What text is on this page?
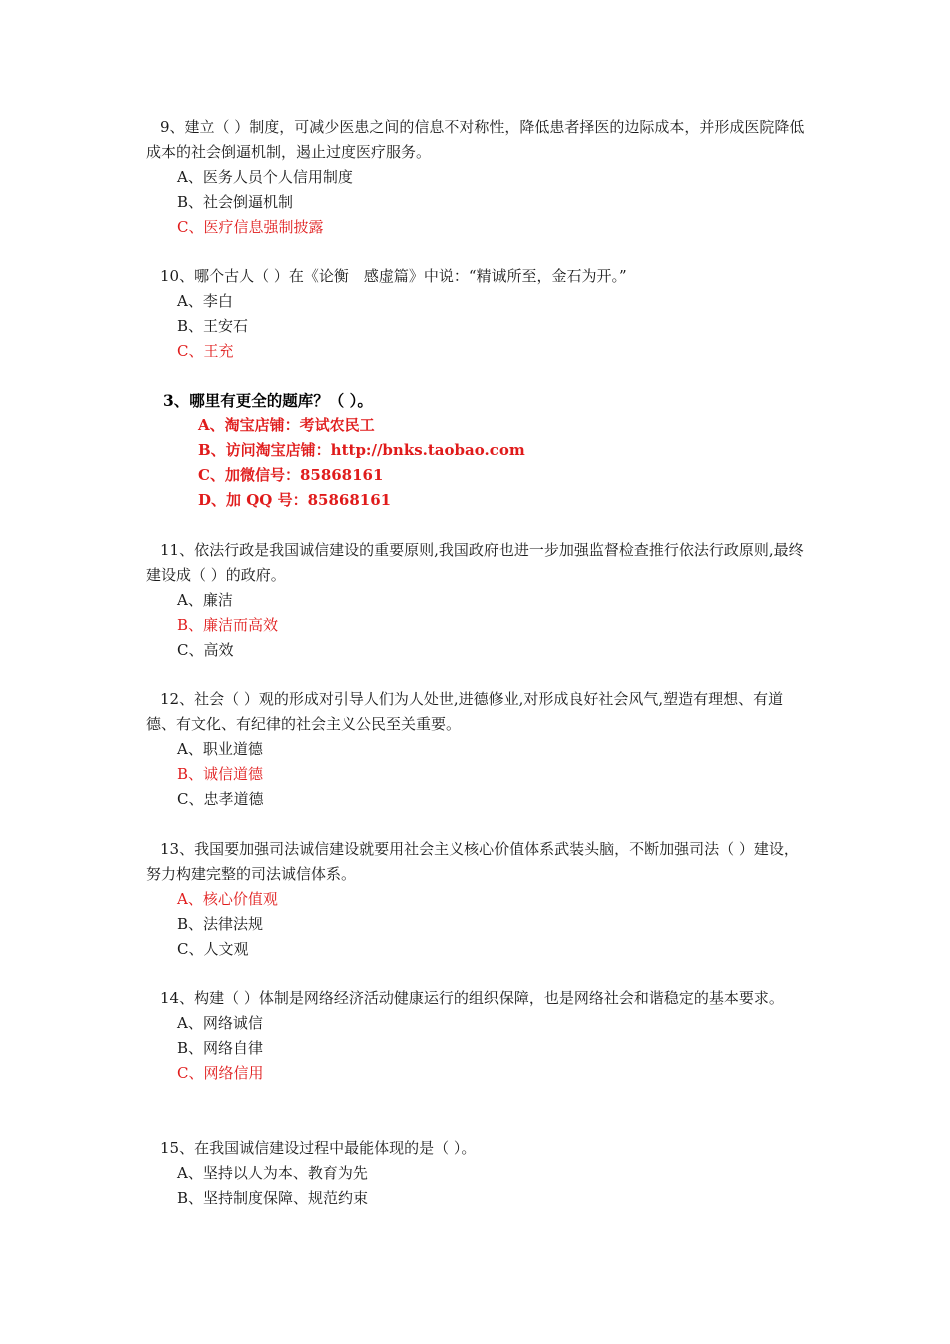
9、建立（ ）制度，可减少医患之间的信息不对称性，降低患者择医的边际成本，并形成医院降低成本的社会倒逼机制，遏止过度医疗服务。
A、医务人员个人信用制度
B、社会倒逼机制
C、医疗信息强制披露
10、哪个古人（ ）在《论衡　感虚篇》中说：“精诚所至，金石为开。”
A、李白
B、王安石
C、王充
3、哪里有更全的题库？（ ）。
A、淘宝店铺：考试农民工
B、访问淘宝店铺：http://bnks.taobao.com
C、加微信号：85868161
D、加 QQ 号：85868161
11、依法行政是我国诚信建设的重要原则,我国政府也进一步加强监督检查推行依法行政原则,最终建设成（ ）的政府。
A、廉洁
B、廉洁而高效
C、高效
12、社会（ ）观的形成对引导人们为人处世,进德修业,对形成良好社会风气,塑造有理想、有道德、有文化、有纪律的社会主义公民至关重要。
A、职业道德
B、诚信道德
C、忠孝道德
13、我国要加强司法诚信建设就要用社会主义核心价值体系武装头脑，不断加强司法（ ）建设，努力构建完整的司法诚信体系。
A、核心价值观
B、法律法规
C、人文观
14、构建（ ）体制是网络经济活动健康运行的组织保障，也是网络社会和谐稳定的基本要求。
A、网络诚信
B、网络自律
C、网络信用
15、在我国诚信建设过程中最能体现的是（ ）。
A、坚持以人为本、教育为先
B、坚持制度保障、规范约束
